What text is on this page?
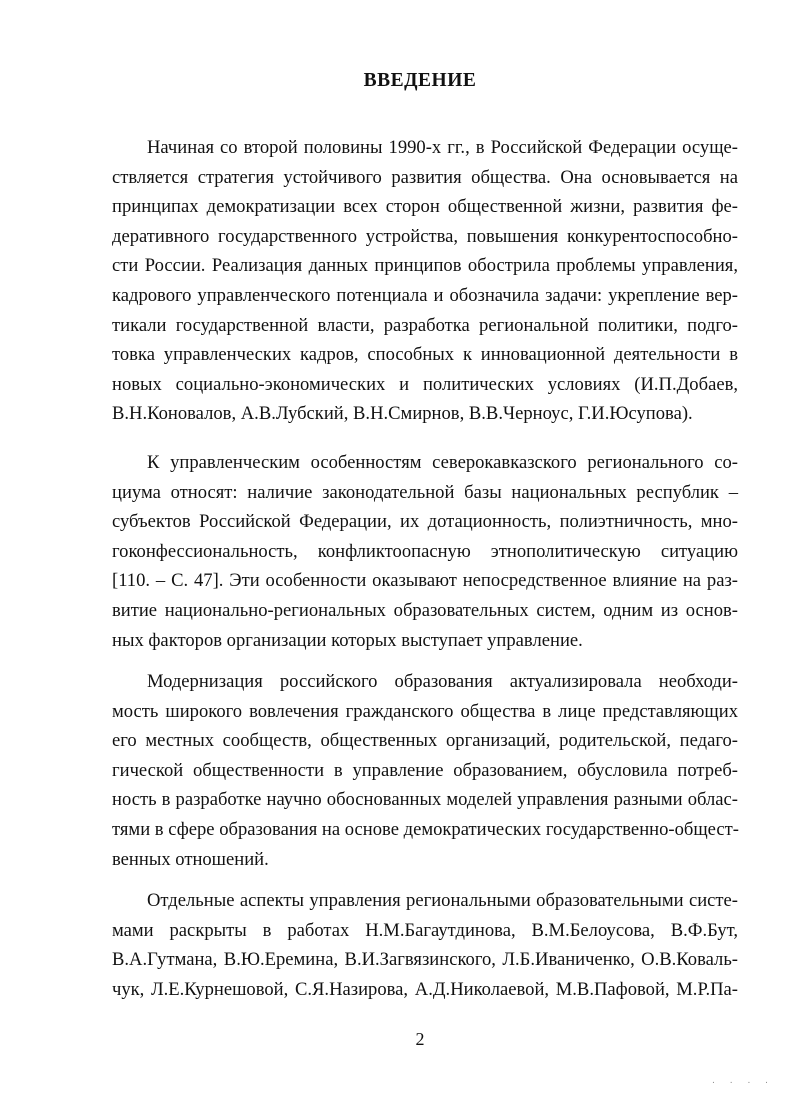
ВВЕДЕНИЕ
Начиная со второй половины 1990-х гг., в Российской Федерации осуще-
ствляется стратегия устойчивого развития общества. Она основывается на
принципах демократизации всех сторон общественной жизни, развития фе-
деративного государственного устройства, повышения конкурентоспособно-
сти России. Реализация данных принципов обострила проблемы управления,
кадрового управленческого потенциала и обозначила задачи: укрепление вер-
тикали государственной власти, разработка региональной политики, подго-
товка управленческих кадров, способных к инновационной деятельности в
новых социально-экономических и политических условиях (И.П.Добаев,
В.Н.Коновалов, А.В.Лубский, В.Н.Смирнов, В.В.Черноус, Г.И.Юсупова).
К управленческим особенностям северокавказского регионального со-
циума относят: наличие законодательной базы национальных республик –
субъектов Российской Федерации, их дотационность, полиэтничность, мно-
гоконфессиональность, конфликтоопасную этнополитическую ситуацию
[110. – С. 47]. Эти особенности оказывают непосредственное влияние на раз-
витие национально-региональных образовательных систем, одним из основ-
ных факторов организации которых выступает управление.
Модернизация российского образования актуализировала необходи-
мость широкого вовлечения гражданского общества в лице представляющих
его местных сообществ, общественных организаций, родительской, педаго-
гической общественности в управление образованием, обусловила потреб-
ность в разработке научно обоснованных моделей управления разными облас-
тями в сфере образования на основе демократических государственно-общест-
венных отношений.
Отдельные аспекты управления региональными образовательными систе-
мами раскрыты в работах Н.М.Багаутдинова, В.М.Белоусова, В.Ф.Бут,
В.А.Гутмана, В.Ю.Еремина, В.И.Загвязинского, Л.Б.Иваниченко, О.В.Коваль-
чук, Л.Е.Курнешовой, С.Я.Назирова, А.Д.Николаевой, М.В.Пафовой, М.Р.Па-
2
. . . .
